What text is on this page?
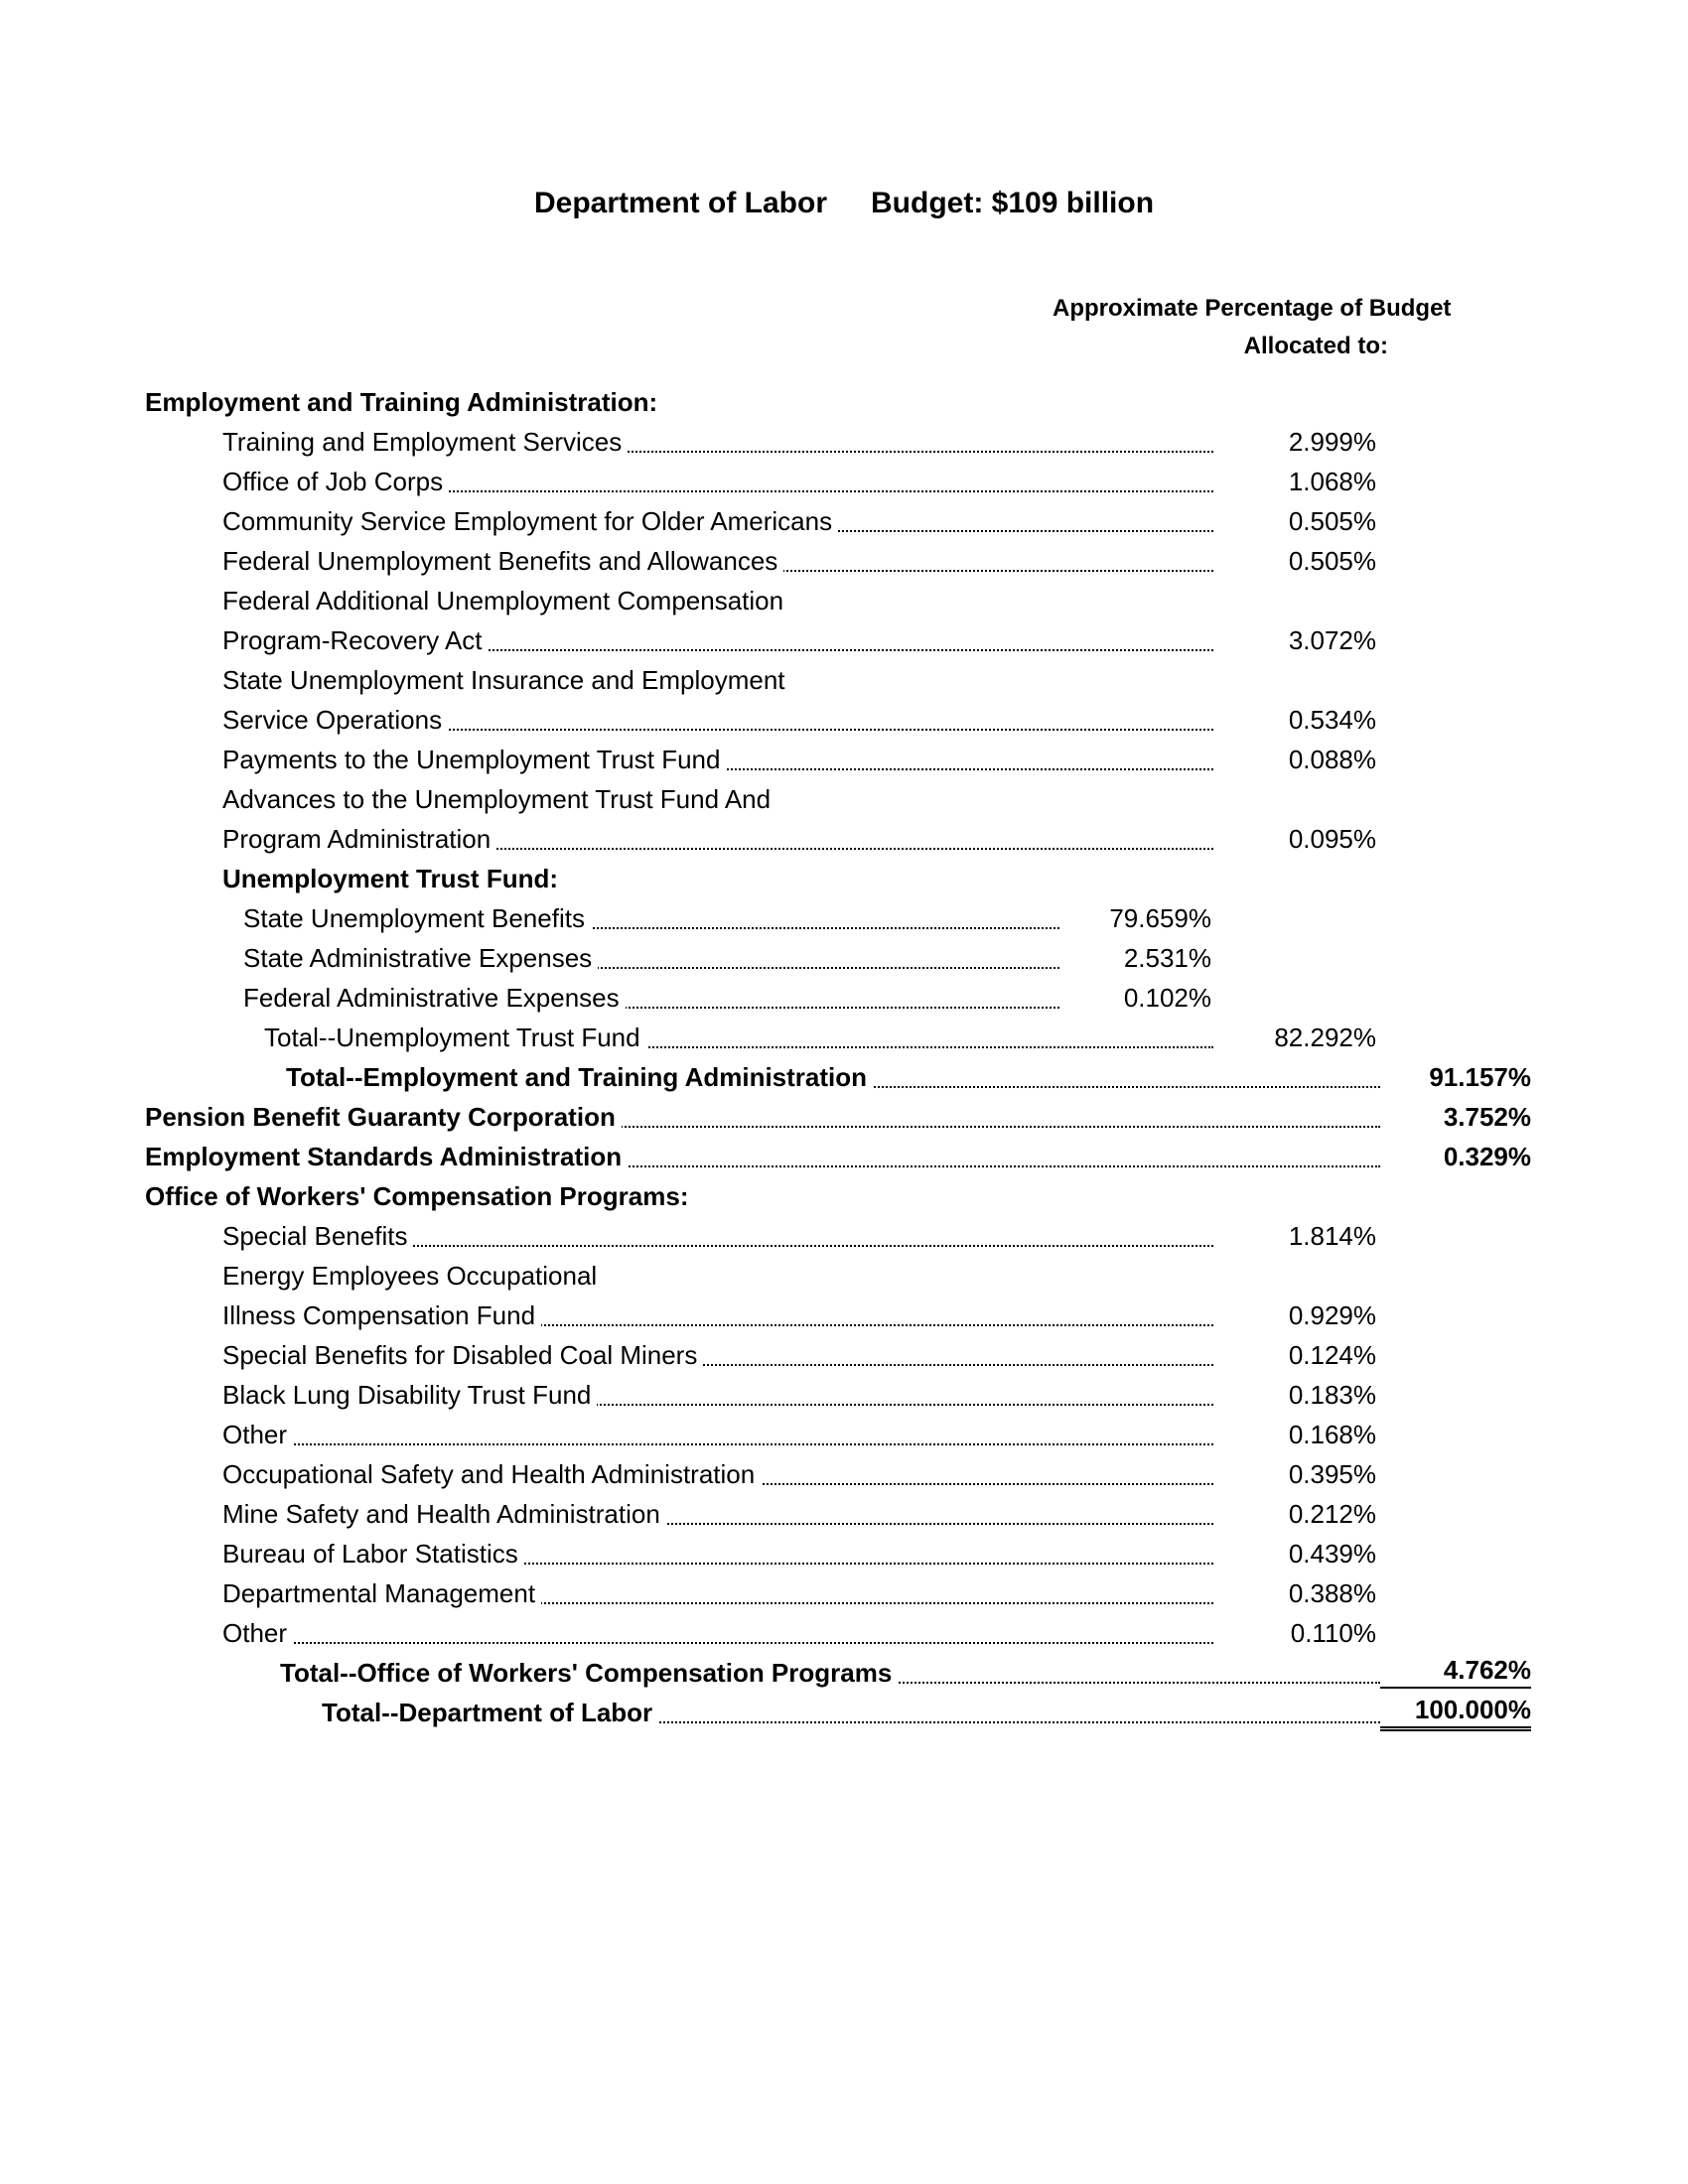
Department of Labor Budget: $109 billion
Approximate Percentage of Budget
Allocated to:
Employment and Training Administration:
Training and Employment Services	2.999%
Office of Job Corps	1.068%
Community Service Employment for Older Americans	0.505%
Federal Unemployment Benefits and Allowances	0.505%
Federal Additional Unemployment Compensation
Program-Recovery Act	3.072%
State Unemployment Insurance and Employment
Service Operations	0.534%
Payments to the Unemployment Trust Fund	0.088%
Advances to the Unemployment Trust Fund And
Program Administration	0.095%
Unemployment Trust Fund:
State Unemployment Benefits	79.659%
State Administrative Expenses	2.531%
Federal Administrative Expenses	0.102%
Total--Unemployment Trust Fund	82.292%
Total--Employment and Training Administration	91.157%
Pension Benefit Guaranty Corporation	3.752%
Employment Standards Administration	0.329%
Office of Workers' Compensation Programs:
Special Benefits	1.814%
Energy Employees Occupational
Illness Compensation Fund	0.929%
Special Benefits for Disabled Coal Miners	0.124%
Black Lung Disability Trust Fund	0.183%
Other	0.168%
Occupational Safety and Health Administration	0.395%
Mine Safety and Health Administration	0.212%
Bureau of Labor Statistics	0.439%
Departmental Management	0.388%
Other	0.110%
Total--Office of Workers' Compensation Programs	4.762%
Total--Department of Labor	100.000%
